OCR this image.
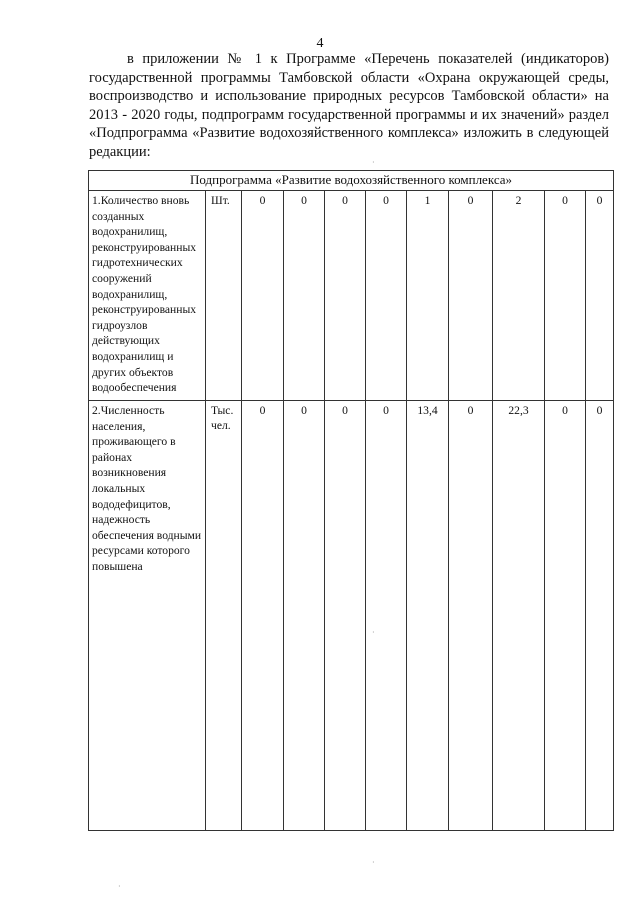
4
в приложении № 1 к Программе «Перечень показателей (индикаторов) государственной программы Тамбовской области «Охрана окружающей среды, воспроизводство и использование природных ресурсов Тамбовской области» на 2013 - 2020 годы, подпрограмм государственной программы и их значений» раздел «Подпрограмма «Развитие водохозяйственного комплекса» изложить в следующей редакции:
Подпрограмма «Развитие водохозяйственного комплекса»										
1.Количество вновь созданных водохранилищ, реконструированных гидротехнических сооружений водохранилищ, реконструированных гидроузлов действующих водохранилищ и других объектов водообеспечения	Шт.	0	0	0	0	1	0	2	0	0
2.Численность населения, проживающего в районах возникновения локальных вододефицитов, надежность обеспечения водными ресурсами которого повышена	Тыс. чел.	0	0	0	0	13,4	0	22,3	0	0
·
·
·
·
